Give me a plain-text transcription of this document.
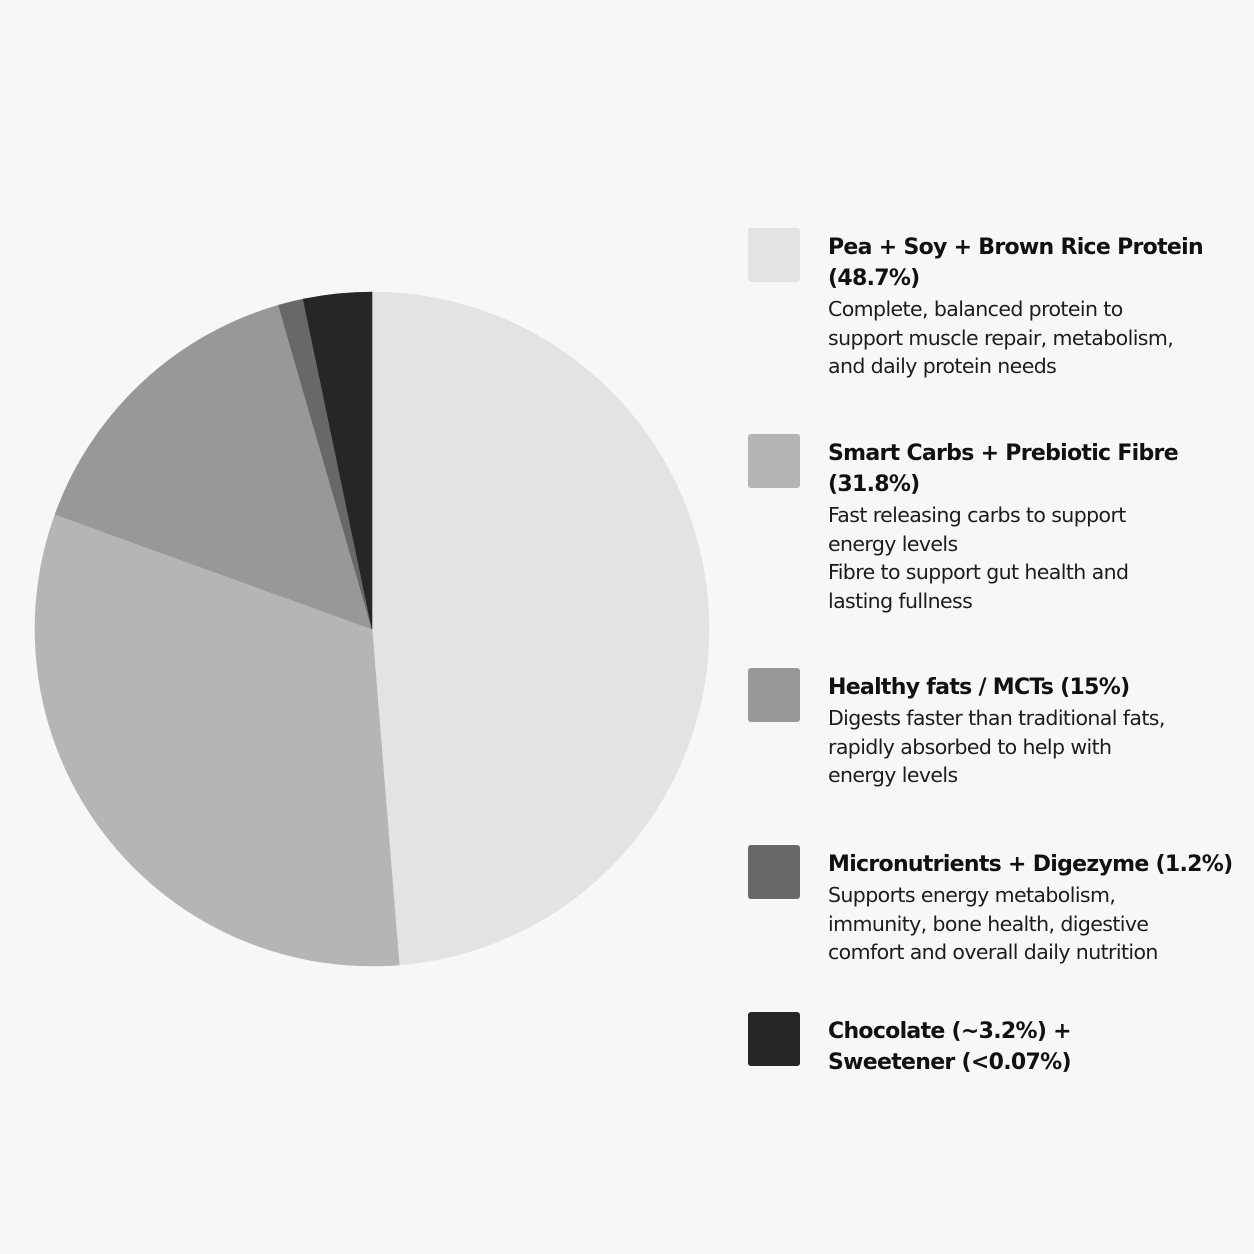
Pea + Soy + Brown Rice Protein
(48.7%)
Complete, balanced protein to
support muscle repair, metabolism,
and daily protein needs
Smart Carbs + Prebiotic Fibre
(31.8%)
Fast releasing carbs to support
energy levels
Fibre to support gut health and
lasting fullness
Healthy fats / MCTs (15%)
Digests faster than traditional fats,
rapidly absorbed to help with
energy levels
Micronutrients + Digezyme (1.2%)
Supports energy metabolism,
immunity, bone health, digestive
comfort and overall daily nutrition
Chocolate (~3.2%) +
Sweetener (<0.07%)
